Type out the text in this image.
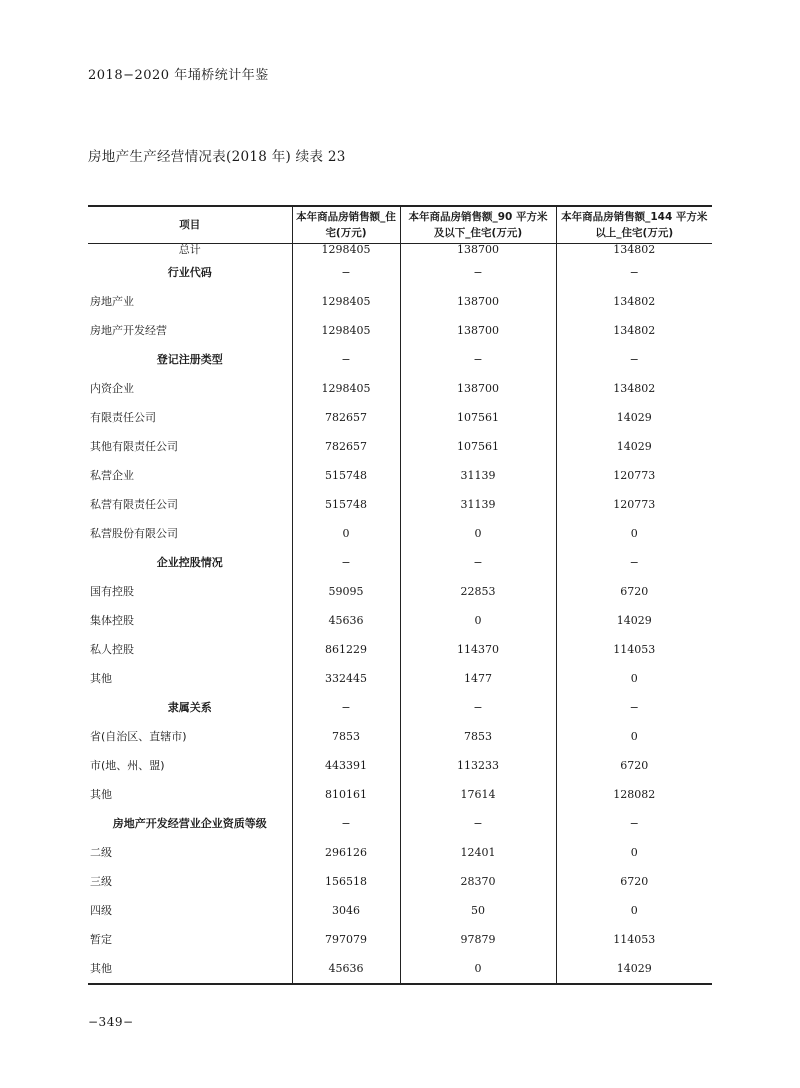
2018−2020 年埇桥统计年鉴
房地产生产经营情况表(2018 年) 续表 23
项目	本年商品房销售额_住宅(万元)	本年商品房销售额_90 平方米及以下_住宅(万元)	本年商品房销售额_144 平方米以上_住宅(万元)
总计	1298405	138700	134802
行业代码	−	−	−
房地产业	1298405	138700	134802
房地产开发经营	1298405	138700	134802
登记注册类型	−	−	−
内资企业	1298405	138700	134802
有限责任公司	782657	107561	14029
其他有限责任公司	782657	107561	14029
私营企业	515748	31139	120773
私营有限责任公司	515748	31139	120773
私营股份有限公司	0	0	0
企业控股情况	−	−	−
国有控股	59095	22853	6720
集体控股	45636	0	14029
私人控股	861229	114370	114053
其他	332445	1477	0
隶属关系	−	−	−
省(自治区、直辖市)	7853	7853	0
市(地、州、盟)	443391	113233	6720
其他	810161	17614	128082
房地产开发经营业企业资质等级	−	−	−
二级	296126	12401	0
三级	156518	28370	6720
四级	3046	50	0
暂定	797079	97879	114053
其他	45636	0	14029
−349−
